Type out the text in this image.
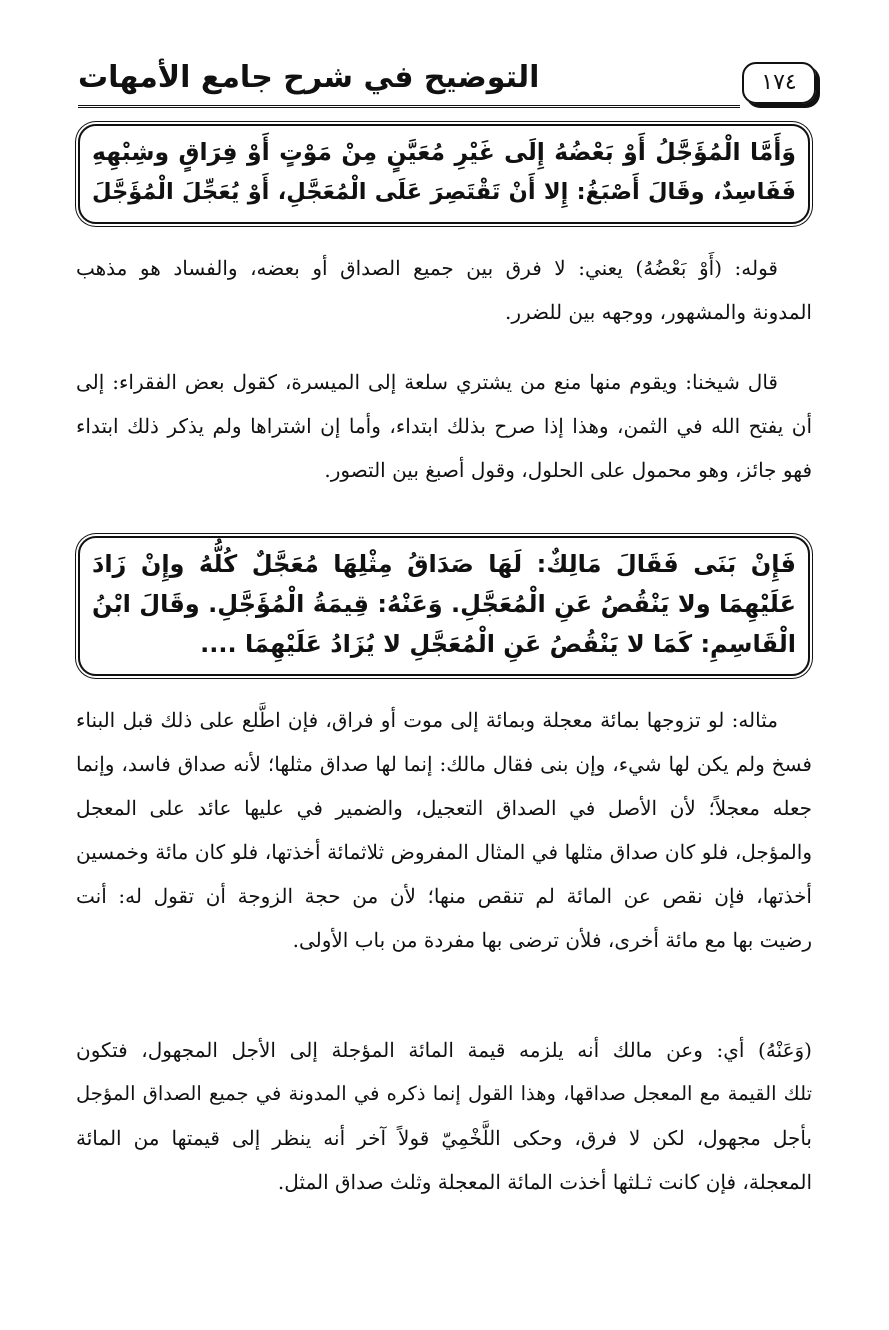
١٧٤
التوضيح في شرح جامع الأمهات
وَأَمَّا الْمُؤَجَّلُ أَوْ بَعْضُهُ إِلَى غَيْرِ مُعَيَّنٍ مِنْ مَوْتٍ أَوْ فِرَاقٍ وشِبْهِهِ
فَفَاسِدٌ، وقَالَ أَصْبَغُ: إِلا أَنْ تَقْتَصِرَ عَلَى الْمُعَجَّلِ، أَوْ يُعَجِّلَ الْمُؤَجَّلَ
قوله: (أَوْ بَعْضُهُ) يعني: لا فرق بين جميع الصداق أو بعضه، والفساد هو مذهب
المدونة والمشهور، ووجهه بين للضرر.
قال شيخنا: ويقوم منها منع من يشتري سلعة إلى الميسرة، كقول بعض الفقراء: إلى
أن يفتح الله في الثمن، وهذا إذا صرح بذلك ابتداء، وأما إن اشتراها ولم يذكر ذلك ابتداء
فهو جائز، وهو محمول على الحلول، وقول أصبغ بين التصور.
فَإِنْ بَنَى فَقَالَ مَالِكٌ: لَهَا صَدَاقُ مِثْلِهَا مُعَجَّلٌ كُلُّهُ وإِنْ زَادَ
عَلَيْهِمَا ولا يَنْقُصُ عَنِ الْمُعَجَّلِ. وَعَنْهُ: قِيمَةُ الْمُؤَجَّلِ. وقَالَ ابْنُ
الْقَاسِمِ: كَمَا لا يَنْقُصُ عَنِ الْمُعَجَّلِ لا يُزَادُ عَلَيْهِمَا ....
مثاله: لو تزوجها بمائة معجلة وبمائة إلى موت أو فراق، فإن اطَّلع على ذلك قبل البناء
فسخ ولم يكن لها شيء، وإن بنى فقال مالك: إنما لها صداق مثلها؛ لأنه صداق فاسد، وإنما
جعله معجلاً؛ لأن الأصل في الصداق التعجيل، والضمير في عليها عائد على المعجل
والمؤجل، فلو كان صداق مثلها في المثال المفروض ثلاثمائة أخذتها، فلو كان مائة وخمسين
أخذتها، فإن نقص عن المائة لم تنقص منها؛ لأن من حجة الزوجة أن تقول له: أنت
رضيت بها مع مائة أخرى، فلأن ترضى بها مفردة من باب الأولى.
(وَعَنْهُ) أي: وعن مالك أنه يلزمه قيمة المائة المؤجلة إلى الأجل المجهول، فتكون
تلك القيمة مع المعجل صداقها، وهذا القول إنما ذكره في المدونة في جميع الصداق المؤجل
بأجل مجهول، لكن لا فرق، وحكى اللَّخْمِيّ قولاً آخر أنه ينظر إلى قيمتها من المائة
المعجلة، فإن كانت ثـلثها أخذت المائة المعجلة وثلث صداق المثل.
